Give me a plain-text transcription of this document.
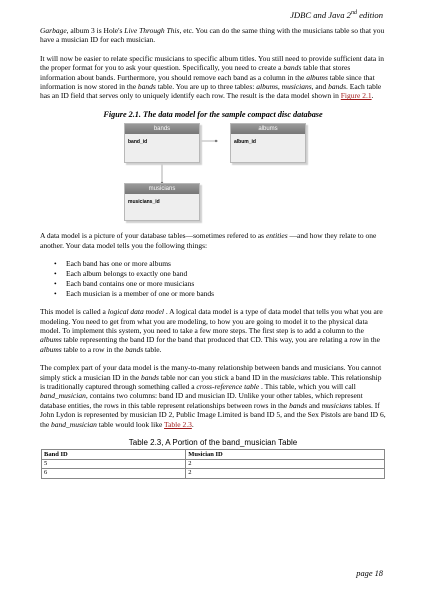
JDBC and Java 2nd edition

Garbage, album 3 is Hole's Live Through This, etc. You can do the same thing with the musicians table so that you have a musician ID for each musician.

It will now be easier to relate specific musicians to specific album titles. You still need to provide sufficient data in the proper format for you to ask your question. Specifically, you need to create a bands table that stores information about bands. Furthermore, you should remove each band as a column in the albums table since that information is now stored in the bands table. You are up to three tables: albums, musicians, and bands. Each table has an ID field that serves only to uniquely identify each row. The result is the data model shown in Figure 2.1.

Figure 2.1. The data model for the sample compact disc database
bands
band_id
albums
album_id
musicians
musicians_id

A data model is a picture of your database tables—sometimes refered to as entities —and how they relate to one another. Your data model tells you the following things:

• Each band has one or more albums
• Each album belongs to exactly one band
• Each band contains one or more musicians
• Each musician is a member of one or more bands

This model is called a logical data model . A logical data model is a type of data model that tells you what you are modeling. You need to get from what you are modeling, to how you are going to model it to the physical data model. To implement this system, you need to take a few more steps. The first step is to add a column to the albums table representing the band ID for the band that produced that CD. This way, you are relating a row in the albums table to a row in the bands table.

The complex part of your data model is the many-to-many relationship between bands and musicians. You cannot simply stick a musician ID in the bands table nor can you stick a band ID in the musicians table. This relationship is traditionally captured through something called a cross-reference table . This table, which you will call band_musician, contains two columns: band ID and musician ID. Unlike your other tables, which represent database entities, the rows in this table represent relationships between rows in the bands and musicians tables. If John Lydon is represented by musician ID 2, Public Image Limited is band ID 5, and the Sex Pistols are band ID 6, the band_musician table would look like Table 2.3.

Table 2.3, A Portion of the band_musician Table
Band ID	Musician ID
5	2
6	2
page 18
